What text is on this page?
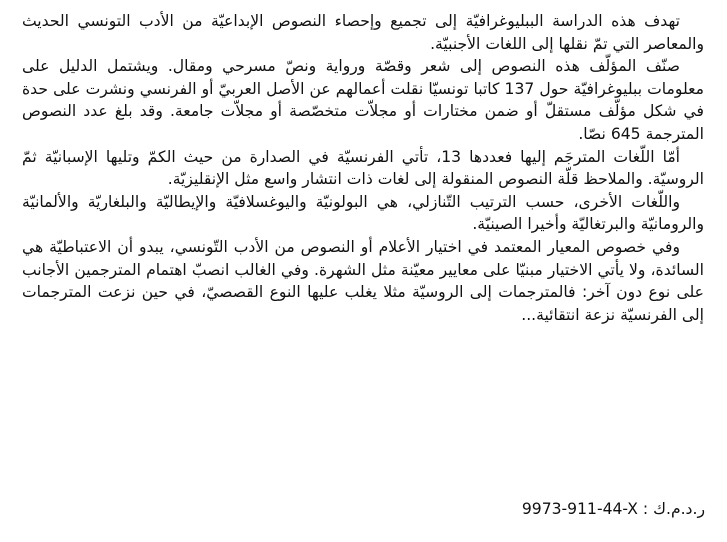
تهدف هذه الدراسة الببليوغرافيّة إلى تجميع وإحصاء النصوص الإبداعيّة من الأدب التونسي الحديث والمعاصر التي تمّ نقلها إلى اللغات الأجنبيّة.

صنّف المؤلّف هذه النصوص إلى شعر وقصّة ورواية ونصّ مسرحي ومقال. ويشتمل الدليل على معلومات ببليوغرافيّة حول 137 كاتبا تونسيّا نقلت أعمالهم عن الأصل العربيّ أو الفرنسي ونشرت على حدة في شكل مؤلّف مستقلّ أو ضمن مختارات أو مجلاّت متخصّصة أو مجلاّت جامعة. وقد بلغ عدد النصوص المترجمة 645 نصّا.

أمّا اللّغات المترجَم إليها فعددها 13، تأتي الفرنسيّة في الصدارة من حيث الكمّ وتليها الإسبانيّة ثمّ الروسيّة. والملاحظ قلّة النصوص المنقولة إلى لغات ذات انتشار واسع مثل الإنقليزيّة.

واللّغات الأخرى، حسب الترتيب التّنازلي، هي البولونيّة واليوغسلافيّة والإيطاليّة والبلغاريّة والألمانيّة والرومانيّة والبرتغاليّة وأخيرا الصينيّة.

وفي خصوص المعيار المعتمد في اختيار الأعلام أو النصوص من الأدب التّونسي، يبدو أن الاعتباطيّة هي السائدة، ولا يأتي الاختيار مبنيّا على معايير معيّنة مثل الشهرة. وفي الغالب انصبّ اهتمام المترجمين الأجانب على نوع دون آخر: فالمترجمات إلى الروسيّة مثلا يغلب عليها النوع القصصيّ، في حين نزعت المترجمات إلى الفرنسيّة نزعة انتقائية...

ر.د.م.ك : 9973-911-44-X
